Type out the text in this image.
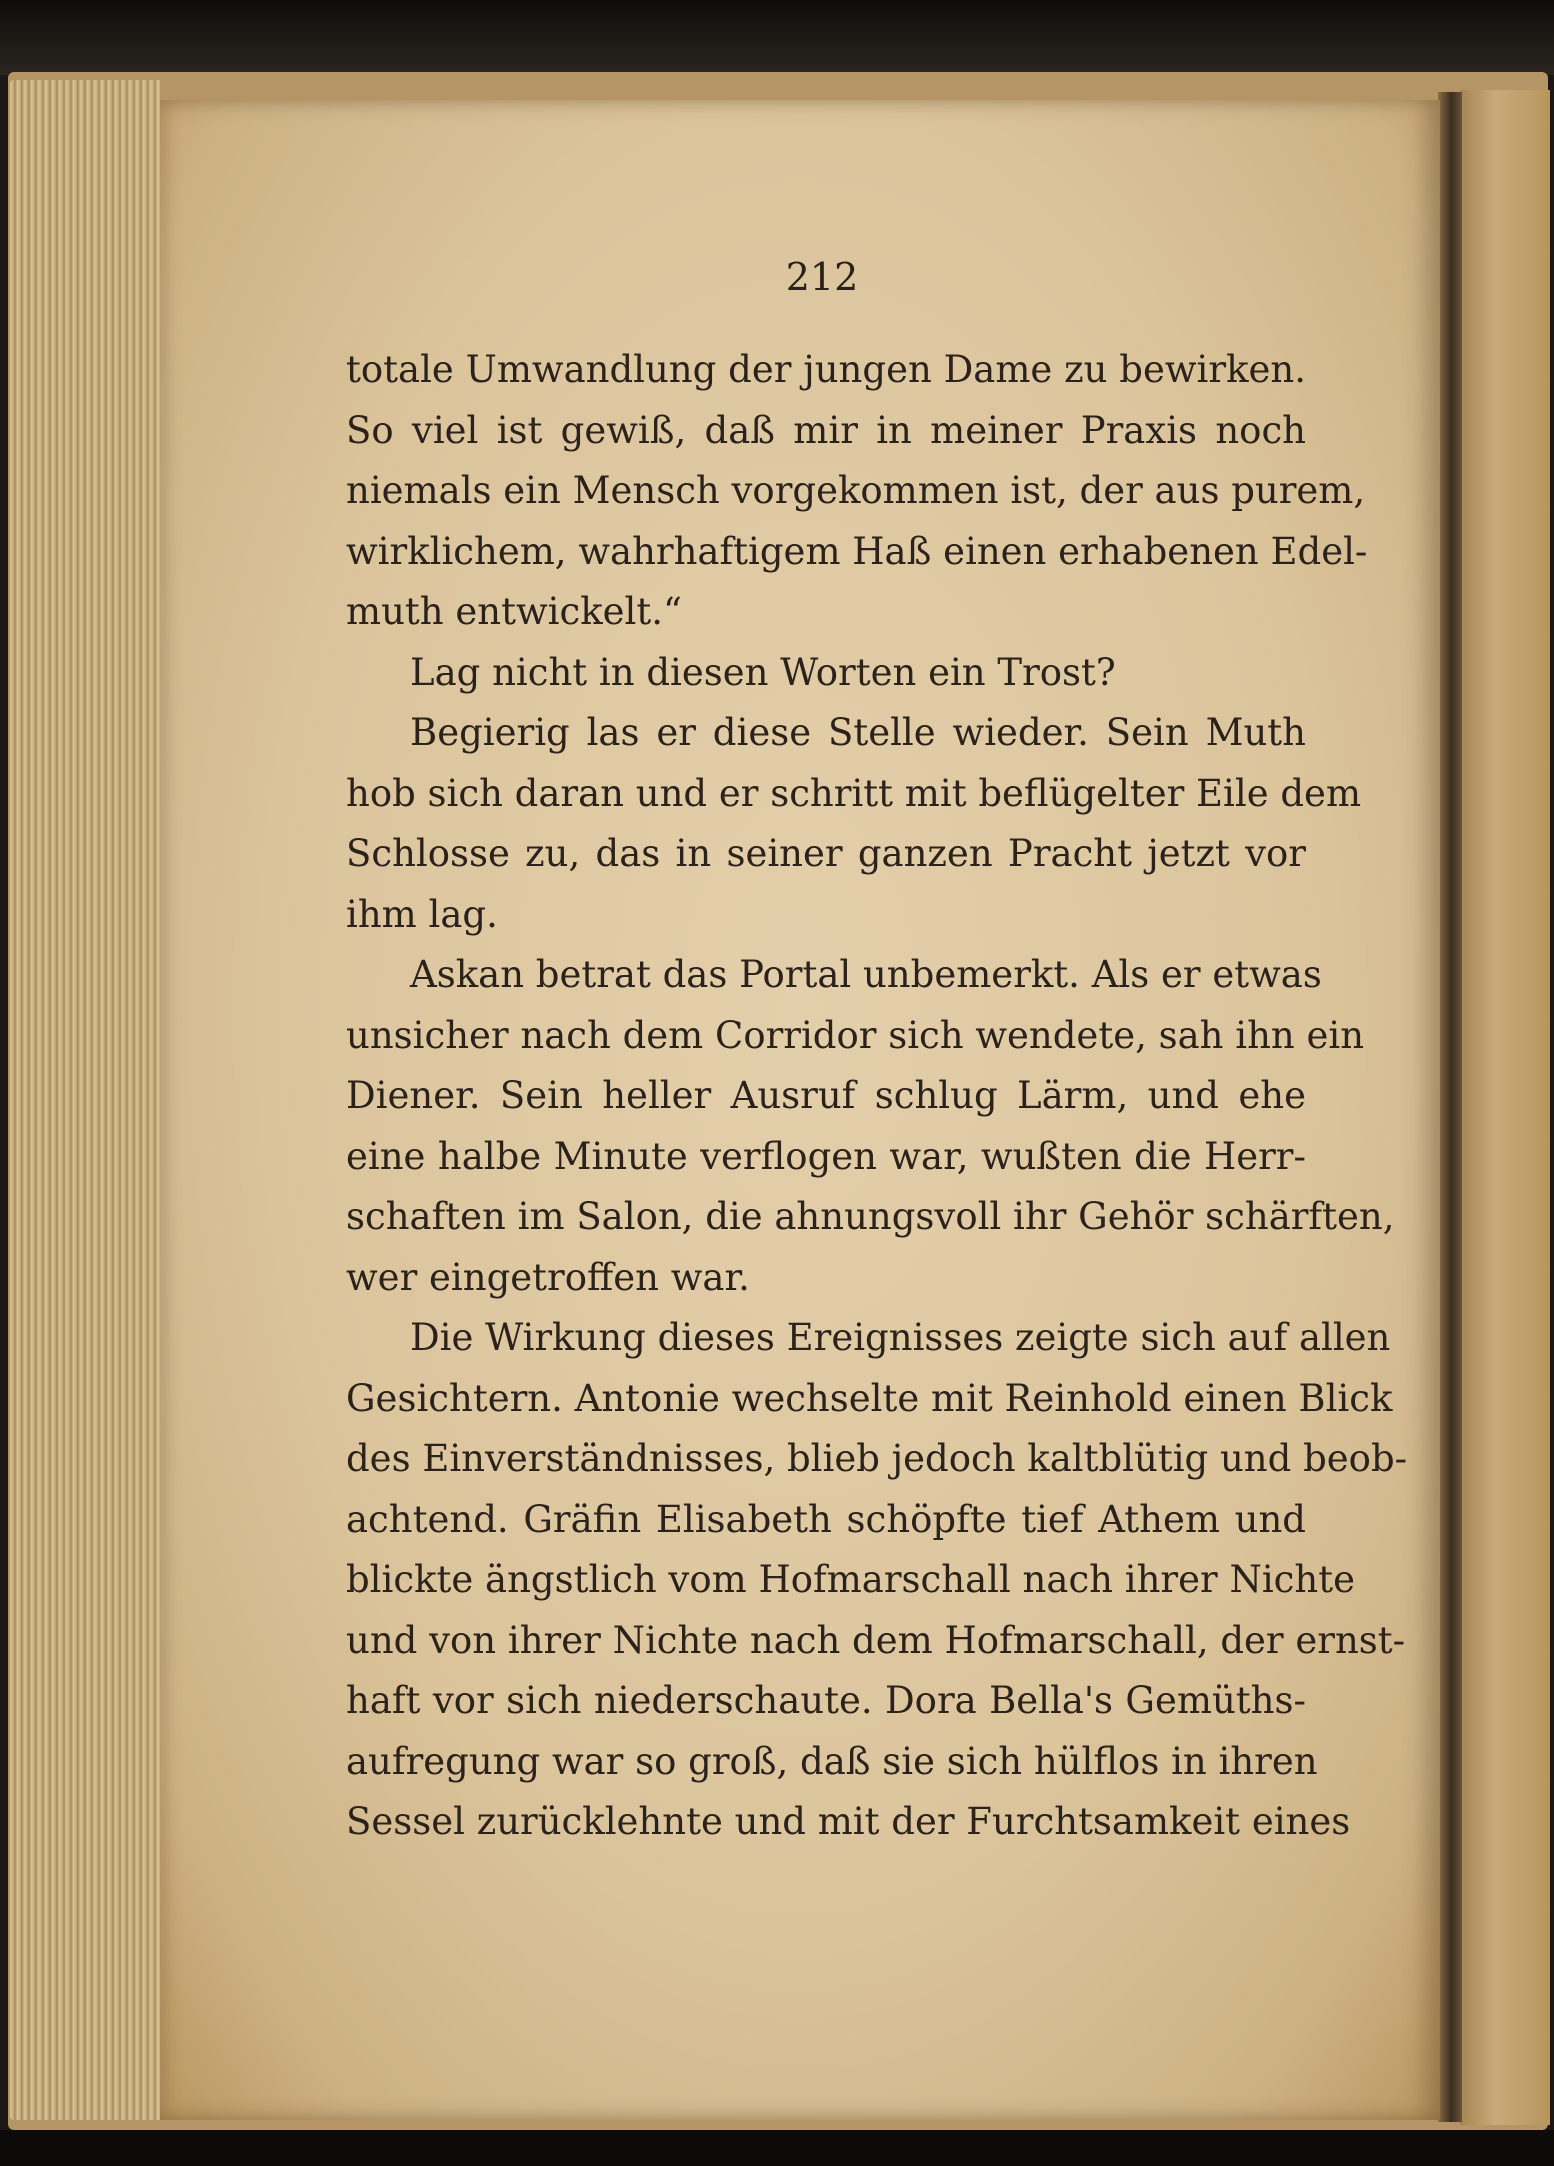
212
totale Umwandlung der jungen Dame zu bewirken.
So viel ist gewiß, daß mir in meiner Praxis noch
niemals ein Mensch vorgekommen ist, der aus purem,
wirklichem, wahrhaftigem Haß einen erhabenen Edel-
muth entwickelt.“
Lag nicht in diesen Worten ein Trost?
Begierig las er diese Stelle wieder. Sein Muth
hob sich daran und er schritt mit beflügelter Eile dem
Schlosse zu, das in seiner ganzen Pracht jetzt vor
ihm lag.
Askan betrat das Portal unbemerkt. Als er etwas
unsicher nach dem Corridor sich wendete, sah ihn ein
Diener. Sein heller Ausruf schlug Lärm, und ehe
eine halbe Minute verflogen war, wußten die Herr-
schaften im Salon, die ahnungsvoll ihr Gehör schärften,
wer eingetroffen war.
Die Wirkung dieses Ereignisses zeigte sich auf allen
Gesichtern. Antonie wechselte mit Reinhold einen Blick
des Einverständnisses, blieb jedoch kaltblütig und beob-
achtend. Gräfin Elisabeth schöpfte tief Athem und
blickte ängstlich vom Hofmarschall nach ihrer Nichte
und von ihrer Nichte nach dem Hofmarschall, der ernst-
haft vor sich niederschaute. Dora Bella's Gemüths-
aufregung war so groß, daß sie sich hülflos in ihren
Sessel zurücklehnte und mit der Furchtsamkeit eines
